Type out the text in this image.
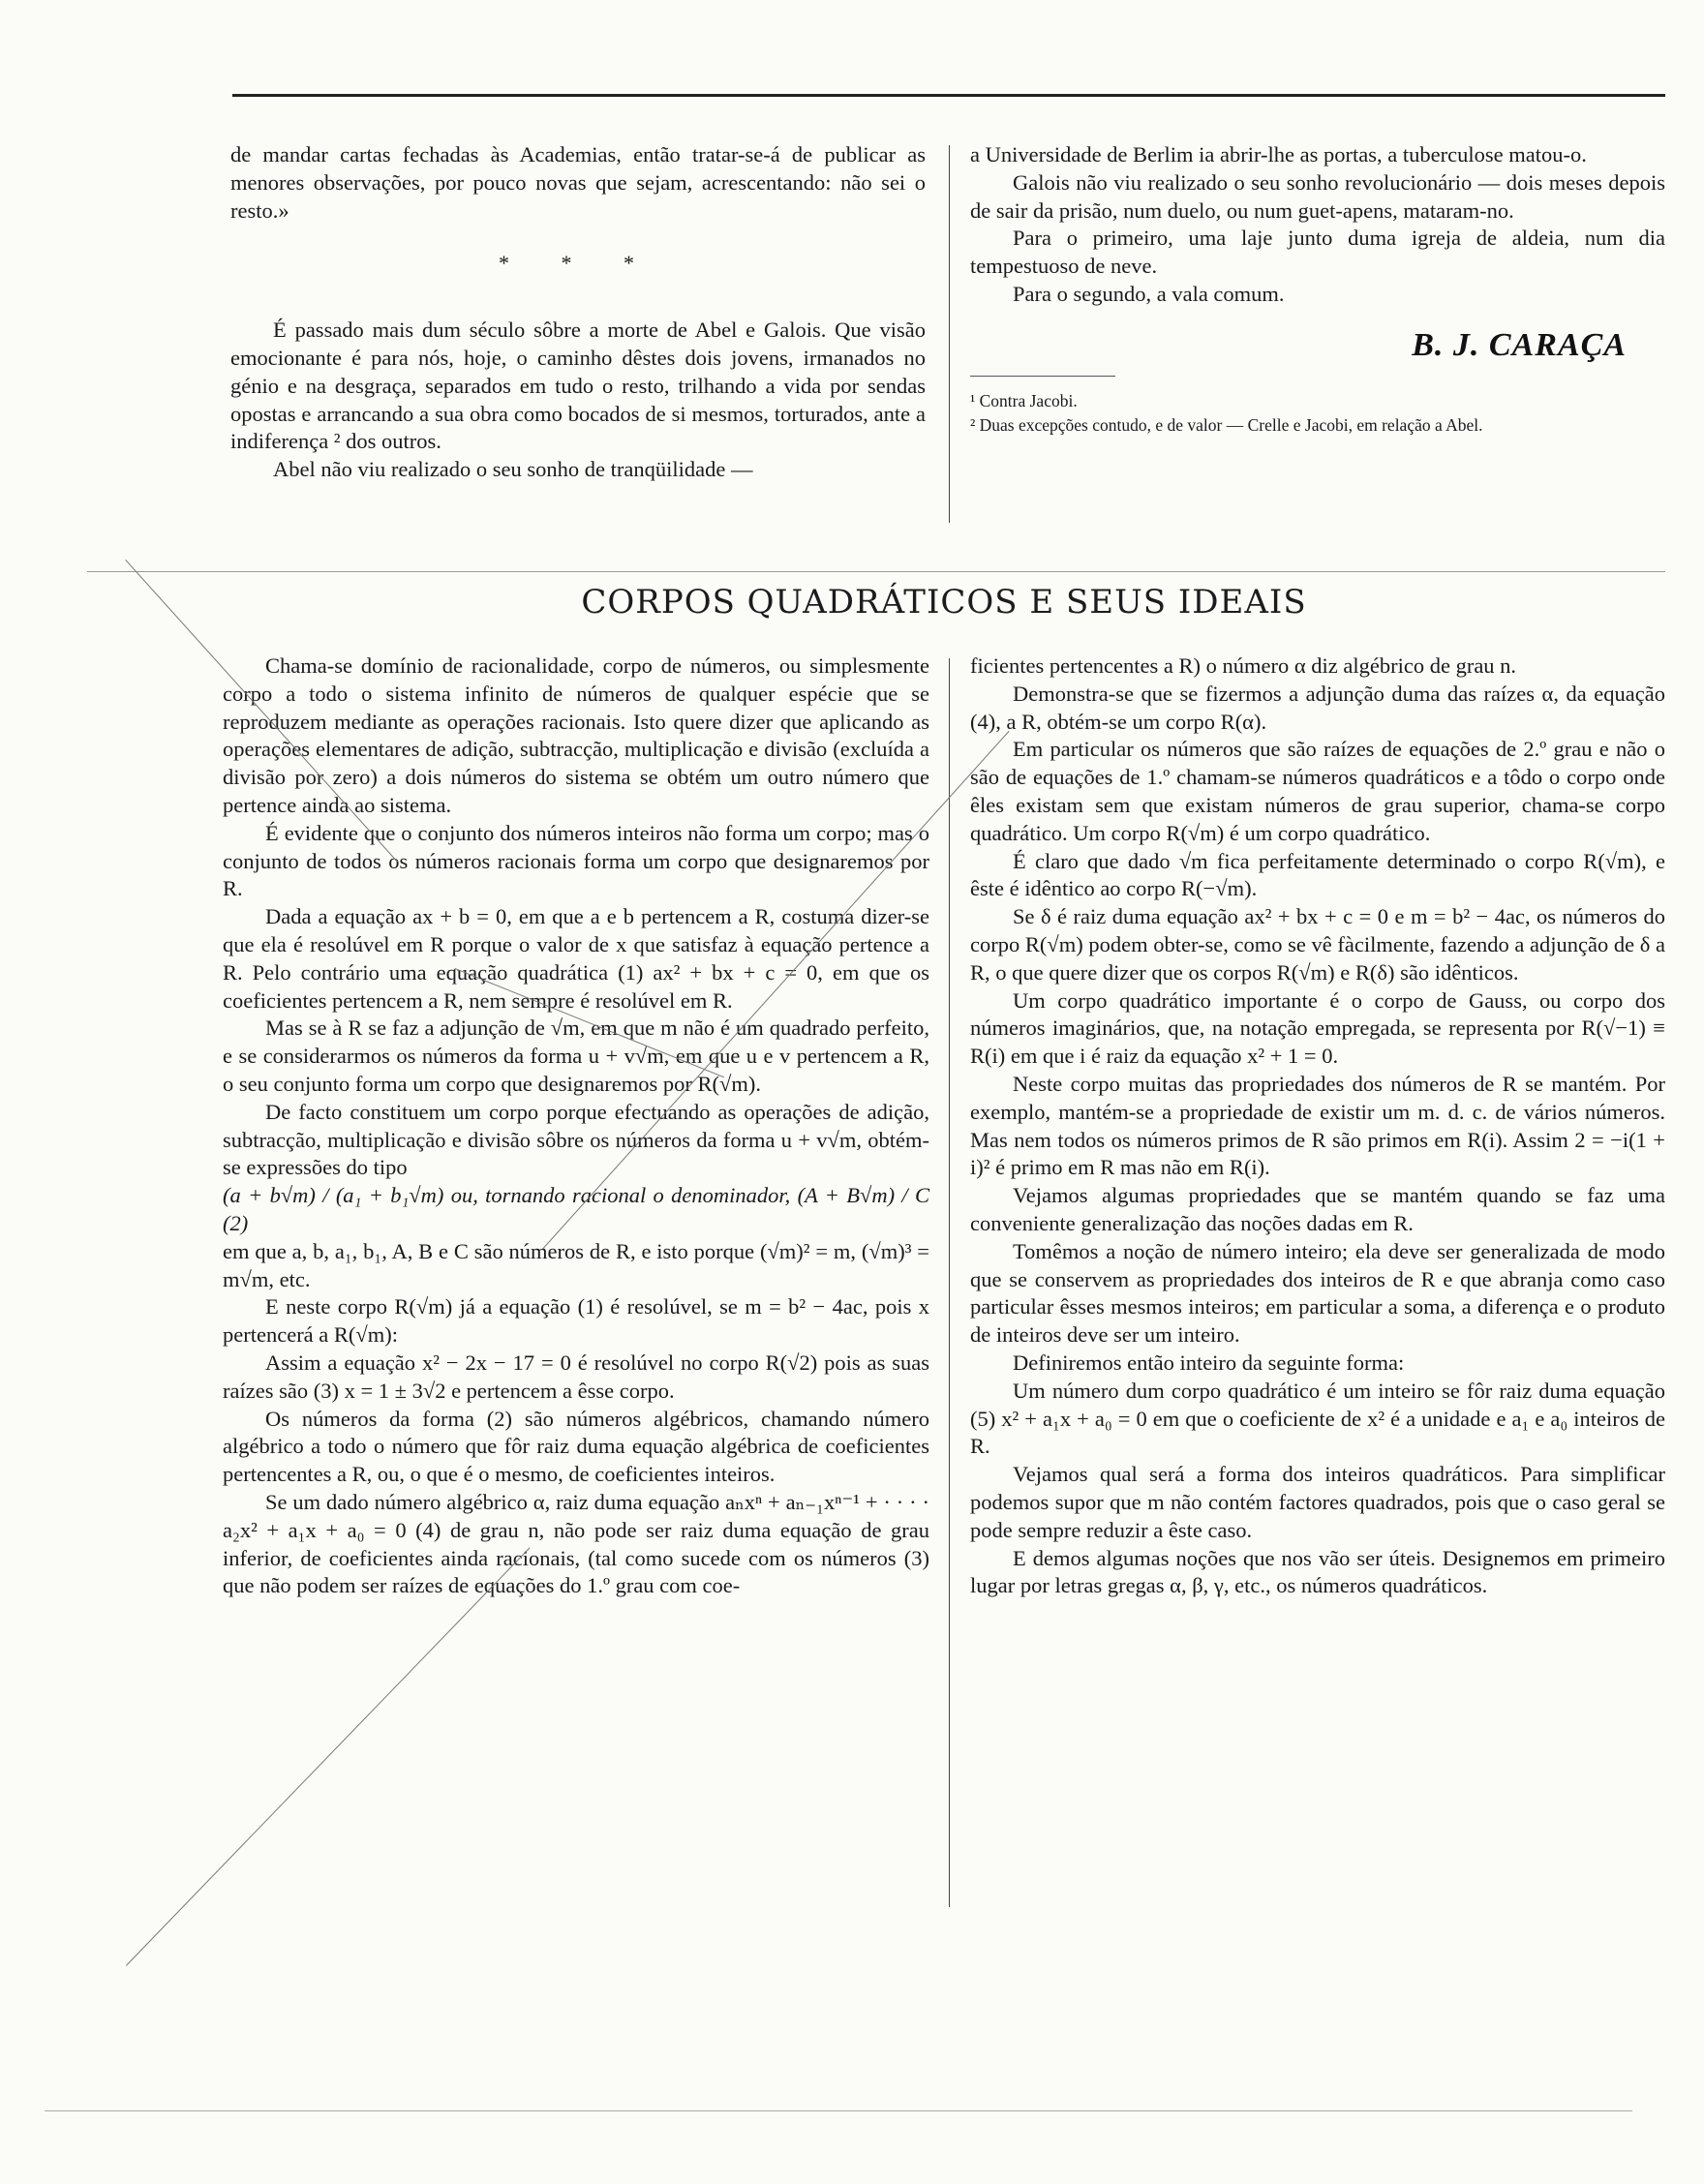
de mandar cartas fechadas às Academias, então tratar-se-á de publicar as menores observações, por pouco novas que sejam, acrescentando: não sei o resto.»

* * *

É passado mais dum século sôbre a morte de Abel e Galois. Que visão emocionante é para nós, hoje, o caminho dêstes dois jovens, irmanados no génio e na desgraça, separados em tudo o resto, trilhando a vida por sendas opostas e arrancando a sua obra como bocados de si mesmos, torturados, ante a indiferença ² dos outros.

Abel não viu realizado o seu sonho de tranqüilidade —

a Universidade de Berlim ia abrir-lhe as portas, a tuberculose matou-o.

Galois não viu realizado o seu sonho revolucionário — dois meses depois de sair da prisão, num duelo, ou num guet-apens, mataram-no.

Para o primeiro, uma laje junto duma igreja de aldeia, num dia tempestuoso de neve.

Para o segundo, a vala comum.

B. J. CARAÇA

¹ Contra Jacobi.

² Duas excepções contudo, e de valor — Crelle e Jacobi, em relação a Abel.

CORPOS QUADRÁTICOS E SEUS IDEAIS

Chama-se domínio de racionalidade, corpo de números, ou simplesmente corpo a todo o sistema infinito de números de qualquer espécie que se reproduzem mediante as operações racionais. Isto quere dizer que aplicando as operações elementares de adição, subtracção, multiplicação e divisão (excluída a divisão por zero) a dois números do sistema se obtém um outro número que pertence ainda ao sistema.

É evidente que o conjunto dos números inteiros não forma um corpo; mas o conjunto de todos os números racionais forma um corpo que designaremos por R.

Dada a equação ax + b = 0, em que a e b pertencem a R, costuma dizer-se que ela é resolúvel em R porque o valor de x que satisfaz à equação pertence a R. Pelo contrário uma equação quadrática (1) ax² + bx + c = 0, em que os coeficientes pertencem a R, nem sempre é resolúvel em R.

Mas se à R se faz a adjunção de √m, em que m não é um quadrado perfeito, e se considerarmos os números da forma u + v√m, em que u e v pertencem a R, o seu conjunto forma um corpo que designaremos por R(√m).

De facto constituem um corpo porque efectuando as operações de adição, subtracção, multiplicação e divisão sôbre os números da forma u + v√m, obtém-se expressões do tipo

(a + b√m) / (a₁ + b₁√m) ou, tornando racional o denominador, (A + B√m) / C (2)

em que a, b, a₁, b₁, A, B e C são números de R, e isto porque (√m)² = m, (√m)³ = m√m, etc.

E neste corpo R(√m) já a equação (1) é resolúvel, se m = b² − 4ac, pois x pertencerá a R(√m):

Assim a equação x² − 2x − 17 = 0 é resolúvel no corpo R(√2) pois as suas raízes são (3) x = 1 ± 3√2 e pertencem a êsse corpo.

Os números da forma (2) são números algébricos, chamando número algébrico a todo o número que fôr raiz duma equação algébrica de coeficientes pertencentes a R, ou, o que é o mesmo, de coeficientes inteiros.

Se um dado número algébrico α, raiz duma equação aₙxⁿ + aₙ₋₁xⁿ⁻¹ + · · · · a₂x² + a₁x + a₀ = 0 (4) de grau n, não pode ser raiz duma equação de grau inferior, de coeficientes ainda racionais, (tal como sucede com os números (3) que não podem ser raízes de equações do 1.º grau com coe-

ficientes pertencentes a R) o número α diz algébrico de grau n.

Demonstra-se que se fizermos a adjunção duma das raízes α, da equação (4), a R, obtém-se um corpo R(α).

Em particular os números que são raízes de equações de 2.º grau e não o são de equações de 1.º chamam-se números quadráticos e a tôdo o corpo onde êles existam sem que existam números de grau superior, chama-se corpo quadrático. Um corpo R(√m) é um corpo quadrático.

É claro que dado √m fica perfeitamente determinado o corpo R(√m), e êste é idêntico ao corpo R(−√m).

Se δ é raiz duma equação ax² + bx + c = 0 e m = b² − 4ac, os números do corpo R(√m) podem obter-se, como se vê fàcilmente, fazendo a adjunção de δ a R, o que quere dizer que os corpos R(√m) e R(δ) são idênticos.

Um corpo quadrático importante é o corpo de Gauss, ou corpo dos números imaginários, que, na notação empregada, se representa por R(√−1) ≡ R(i) em que i é raiz da equação x² + 1 = 0.

Neste corpo muitas das propriedades dos números de R se mantém. Por exemplo, mantém-se a propriedade de existir um m. d. c. de vários números. Mas nem todos os números primos de R são primos em R(i). Assim 2 = −i(1 + i)² é primo em R mas não em R(i).

Vejamos algumas propriedades que se mantém quando se faz uma conveniente generalização das noções dadas em R.

Tomêmos a noção de número inteiro; ela deve ser generalizada de modo que se conservem as propriedades dos inteiros de R e que abranja como caso particular êsses mesmos inteiros; em particular a soma, a diferença e o produto de inteiros deve ser um inteiro.

Definiremos então inteiro da seguinte forma:

Um número dum corpo quadrático é um inteiro se fôr raiz duma equação (5) x² + a₁x + a₀ = 0 em que o coeficiente de x² é a unidade e a₁ e a₀ inteiros de R.

Vejamos qual será a forma dos inteiros quadráticos. Para simplificar podemos supor que m não contém factores quadrados, pois que o caso geral se pode sempre reduzir a êste caso.

E demos algumas noções que nos vão ser úteis. Designemos em primeiro lugar por letras gregas α, β, γ, etc., os números quadráticos.
